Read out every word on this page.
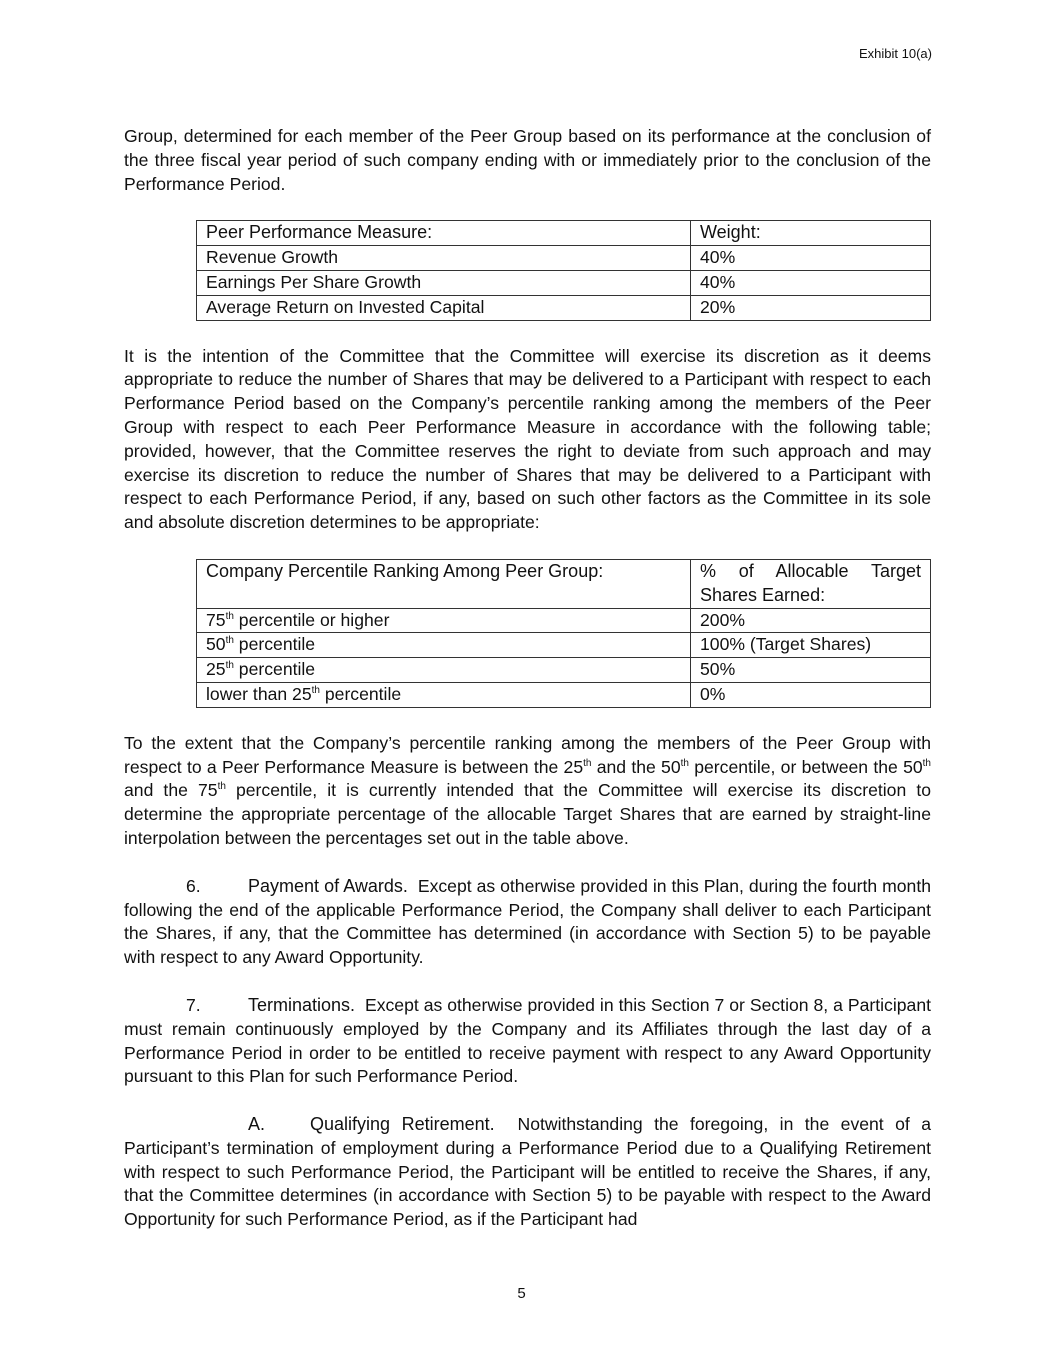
Exhibit 10(a)

Group, determined for each member of the Peer Group based on its performance at the conclusion of the three fiscal year period of such company ending with or immediately prior to the conclusion of the Performance Period.

Peer Performance Measure:	Weight:
Revenue Growth	40%
Earnings Per Share Growth	40%
Average Return on Invested Capital	20%

It is the intention of the Committee that the Committee will exercise its discretion as it deems appropriate to reduce the number of Shares that may be delivered to a Participant with respect to each Performance Period based on the Company’s percentile ranking among the members of the Peer Group with respect to each Peer Performance Measure in accordance with the following table; provided, however, that the Committee reserves the right to deviate from such approach and may exercise its discretion to reduce the number of Shares that may be delivered to a Participant with respect to each Performance Period, if any, based on such other factors as the Committee in its sole and absolute discretion determines to be appropriate:

Company Percentile Ranking Among Peer Group:	% of Allocable Target Shares Earned:
75th percentile or higher	200%
50th percentile	100% (Target Shares)
25th percentile	50%
lower than 25th percentile	0%

To the extent that the Company’s percentile ranking among the members of the Peer Group with respect to a Peer Performance Measure is between the 25th and the 50th percentile, or between the 50th and the 75th percentile, it is currently intended that the Committee will exercise its discretion to determine the appropriate percentage of the allocable Target Shares that are earned by straight-line interpolation between the percentages set out in the table above.

6.	Payment of Awards. Except as otherwise provided in this Plan, during the fourth month following the end of the applicable Performance Period, the Company shall deliver to each Participant the Shares, if any, that the Committee has determined (in accordance with Section 5) to be payable with respect to any Award Opportunity.

7.	Terminations. Except as otherwise provided in this Section 7 or Section 8, a Participant must remain continuously employed by the Company and its Affiliates through the last day of a Performance Period in order to be entitled to receive payment with respect to any Award Opportunity pursuant to this Plan for such Performance Period.

A. Qualifying Retirement. Notwithstanding the foregoing, in the event of a Participant’s termination of employment during a Performance Period due to a Qualifying Retirement with respect to such Performance Period, the Participant will be entitled to receive the Shares, if any, that the Committee determines (in accordance with Section 5) to be payable with respect to the Award Opportunity for such Performance Period, as if the Participant had

5
